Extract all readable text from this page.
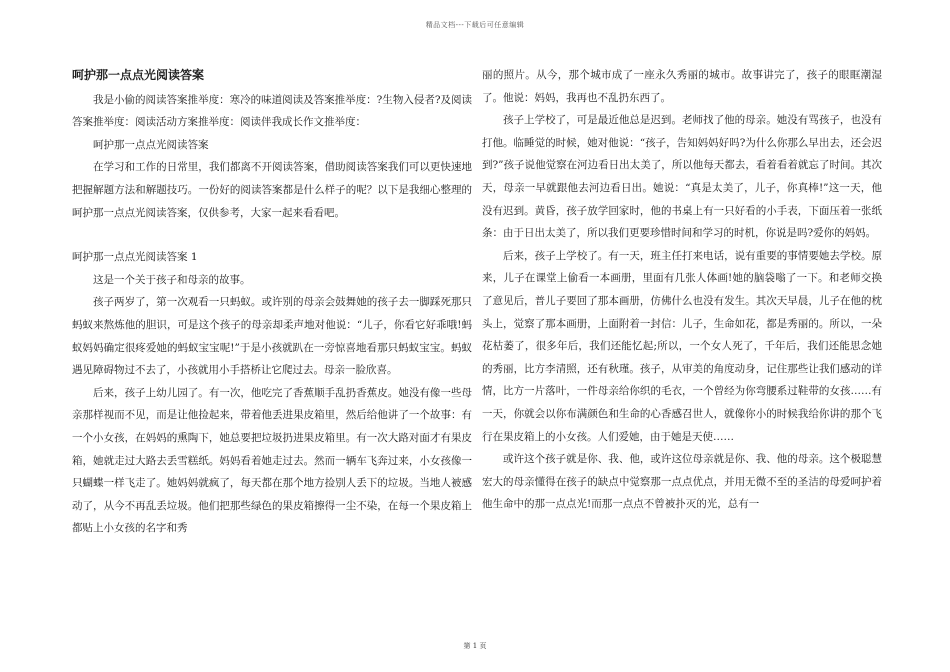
精品文档---下载后可任意编辑

呵护那一点点光阅读答案

我是小偷的阅读答案推举度：寒冷的味道阅读及答案推举度：?生物入侵者?及阅读答案推举度：阅读活动方案推举度：阅读伴我成长作文推举度：

呵护那一点点光阅读答案

在学习和工作的日常里，我们都离不开阅读答案，借助阅读答案我们可以更快速地把握解题方法和解题技巧。一份好的阅读答案都是什么样子的呢？以下是我细心整理的呵护那一点点光阅读答案，仅供参考，大家一起来看看吧。

呵护那一点点光阅读答案 1

这是一个关于孩子和母亲的故事。

孩子两岁了，第一次观看一只蚂蚁。或许别的母亲会鼓舞她的孩子去一脚踩死那只蚂蚁来熬炼他的胆识，可是这个孩子的母亲却柔声地对他说：“儿子，你看它好乖哦!蚂蚁妈妈确定很疼爱她的蚂蚁宝宝呢!”于是小孩就趴在一旁惊喜地看那只蚂蚁宝宝。蚂蚁遇见障碍物过不去了，小孩就用小手搭桥让它爬过去。母亲一脸欣喜。

后来，孩子上幼儿园了。有一次，他吃完了香蕉顺手乱扔香蕉皮。她没有像一些母亲那样视而不见，而是让他捡起来，带着他丢进果皮箱里，然后给他讲了一个故事：有一个小女孩，在妈妈的熏陶下，她总要把垃圾扔进果皮箱里。有一次大路对面才有果皮箱，她就走过大路去丢雪糕纸。妈妈看着她走过去。然而一辆车飞奔过来，小女孩像一只蝴蝶一样飞走了。她妈妈就疯了，每天都在那个地方捡别人丢下的垃圾。当地人被感动了，从今不再乱丢垃圾。他们把那些绿色的果皮箱擦得一尘不染，在每一个果皮箱上都贴上小女孩的名字和秀

丽的照片。从今，那个城市成了一座永久秀丽的城市。故事讲完了，孩子的眼眶潮湿了。他说：妈妈，我再也不乱扔东西了。

孩子上学校了，可是最近他总是迟到。老师找了他的母亲。她没有骂孩子，也没有打他。临睡觉的时候，她对他说：“孩子，告知妈妈好吗?为什么你那么早出去，还会迟到?”孩子说他觉察在河边看日出太美了，所以他每天都去，看着看着就忘了时间。其次天，母亲一早就跟他去河边看日出。她说：“真是太美了，儿子，你真棒!”这一天，他没有迟到。黄昏，孩子放学回家时，他的书桌上有一只好看的小手表，下面压着一张纸条：由于日出太美了，所以我们更要珍惜时间和学习的时机，你说是吗?爱你的妈妈。

后来，孩子上学校了。有一天，班主任打来电话，说有重要的事情要她去学校。原来，儿子在课堂上偷看一本画册，里面有几张人体画!她的脑袋嗡了一下。和老师交换了意见后，普儿子要回了那本画册，仿佛什么也没有发生。其次天早晨，儿子在他的枕头上，觉察了那本画册，上面附着一封信：儿子，生命如花，都是秀丽的。所以，一朵花枯萎了，很多年后，我们还能忆起;所以，一个女人死了，千年后，我们还能思念她的秀丽，比方李清照，还有秋瑾。孩子，从审美的角度动身，记住那些让我们感动的详情，比方一片落叶，一件母亲给你织的毛衣，一个曾经为你弯腰系过鞋带的女孩……有一天，你就会以你布满颜色和生命的心香感召世人，就像你小的时候我给你讲的那个飞行在果皮箱上的小女孩。人们爱她，由于她是天使……

或许这个孩子就是你、我、他，或许这位母亲就是你、我、他的母亲。这个极聪慧宏大的母亲懂得在孩子的缺点中觉察那一点点优点，并用无微不至的圣洁的母爱呵护着他生命中的那一点点光!而那一点点不曾被扑灭的光，总有一

第 1 页
